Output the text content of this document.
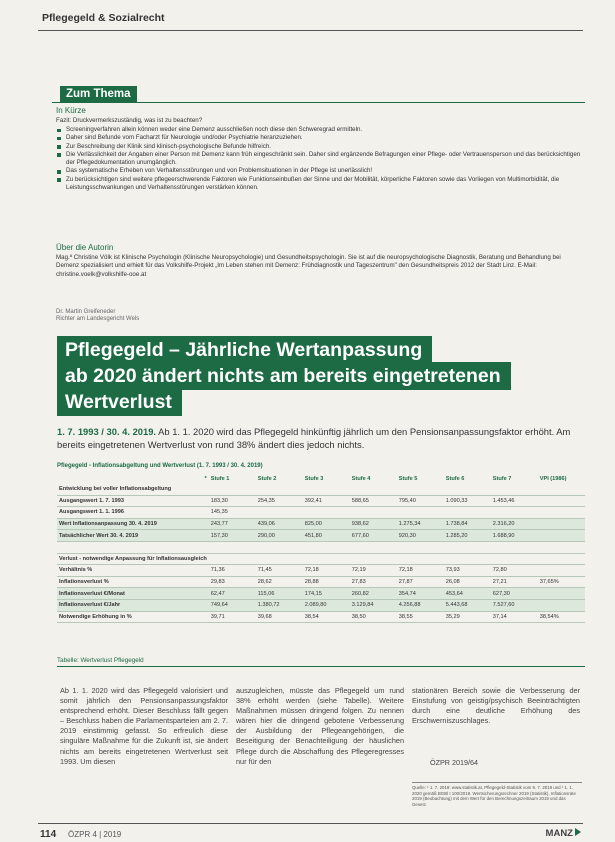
Pflegegeld & Sozialrecht
Zum Thema
In Kürze
Fazit: Druckvermerkszuständig, was ist zu beachten?
Screeningverfahren allein können weder eine Demenz ausschließen noch diese den Schweregrad ermitteln.
Daher sind Befunde vom Facharzt für Neurologie und/oder Psychiatrie heranzuziehen.
Zur Beschreibung der Klinik sind klinisch-psychologische Befunde hilfreich.
Die Verlässlichkeit der Angaben einer Person mit Demenz kann früh eingeschränkt sein. Daher sind ergänzende Befragungen einer Pflege- oder Vertrauensperson und das berücksichtigen der Pflegedokumentation unumgänglich.
Das systematische Erheben von Verhaltensstörungen und von Problemsituationen in der Pflege ist unerlässlich!
Zu berücksichtigen sind weitere pflegeerschwerende Faktoren wie Funktionseinbußen der Sinne und der Mobilität, körperliche Faktoren sowie das Vorliegen von Multimorbidität, die Leistungsschwankungen und Verhaltensstörungen verstärken können.
Über die Autorin
Mag.ª Christine Völk ist Klinische Psychologin (Klinische Neuropsychologie) und Gesundheitspsychologin. Sie ist auf die neuropsychologische Diagnostik, Beratung und Behandlung bei Demenz spezialisiert und erhielt für das Volkshilfe-Projekt „Im Leben stehen mit Demenz: Frühdiagnostik und Tageszentrum" den Gesundheitspreis 2012 der Stadt Linz. E-Mail: christine.voelk@volkshilfe-ooe.at
Dr. Martin Greifeneder
Richter am Landesgericht Wels
Pflegegeld – Jährliche Wertanpassung
ab 2020 ändert nichts am bereits eingetretenen
Wertverlust
1. 7. 1993 / 30. 4. 2019. Ab 1. 1. 2020 wird das Pflegegeld hinkünftig jährlich um den Pensionsanpassungsfaktor erhöht. Am bereits eingetretenen Wertverlust von rund 38% ändert dies jedoch nichts.
Pflegegeld - Inflationsabgeltung und Wertverlust (1. 7. 1993 / 30. 4. 2019)
*	Stufe 1	Stufe 2	Stufe 3	Stufe 4	Stufe 5	Stufe 6	Stufe 7	VPI (1986)
Entwicklung bei voller Inflationsabgeltung								
Ausgangswert 1. 7. 1993	183,30	254,35	392,41	588,65	795,40	1.090,33	1.453,46	
Ausgangswert 1. 1. 1996	145,35							
Wert Inflationsanpassung 30. 4. 2019	243,77	439,06	825,00	938,62	1.275,34	1.738,84	2.316,20	
Tatsächlicher Wert 30. 4. 2019	157,30	290,00	451,80	677,60	920,30	1.285,20	1.688,90	

Verlust - notwendige Anpassung für Inflationsausgleich								
Verhältnis %	71,36	71,45	72,18	72,19	72,18	73,93	72,80	
Inflationsverlust %	29,83	28,62	28,88	27,83	27,87	26,08	27,21	37,65%
Inflationsverlust €/Monat	62,47	115,06	174,15	260,82	354,74	453,64	627,30	
Inflationsverlust €/Jahr	749,64	1.380,72	2.089,80	3.129,84	4.256,88	5.443,68	7.527,60	
Notwendige Erhöhung in %	39,71	39,68	38,54	38,50	38,55	35,29	37,14	38,54%
Tabelle: Wertverlust Pflegegeld
Ab 1. 1. 2020 wird das Pflegegeld valorisiert und somit jährlich den Pensionsanpassungsfaktor entsprechend erhöht. Dieser Beschluss fällt gegen – Beschluss haben die Parlamentsparteien am 2. 7. 2019 einstimmig gefasst. So erfreulich diese singuläre Maßnahme für die Zukunft ist, sie ändert nichts am bereits eingetretenen Wertverlust seit 1993. Um diesen
auszugleichen, müsste das Pflegegeld um rund 38% erhöht werden (siehe Tabelle). Weitere Maßnahmen müssen dringend folgen. Zu nennen wären hier die dringend gebotene Verbesserung der Ausbildung der Pflegeangehörigen, die Beseitigung der Benachteiligung der häuslichen Pflege durch die Abschaffung des Pflegeregresses nur für den
stationären Bereich sowie die Verbesserung der Einstufung von geistig/psychisch Beeinträchtigten durch eine deutliche Erhöhung des Erschwerniszuschlages.
ÖZPR 2019/64
Quelle: ¹ 1. 7. 2019: www.statistik.at, Pflegegeld-Statistik vom 9. 7. 2019 und ¹ 1. 1. 2020 gemäß BGBl I 100/2019. Wertsicherungsrechner 2019 (Statistik), Inflationsrate 2019 (Beobachtung) mit dem Wert für den Berechnungszeitraum 2019 und das Gesetz.
114 ÖZPR 4 | 2019	MANZ
